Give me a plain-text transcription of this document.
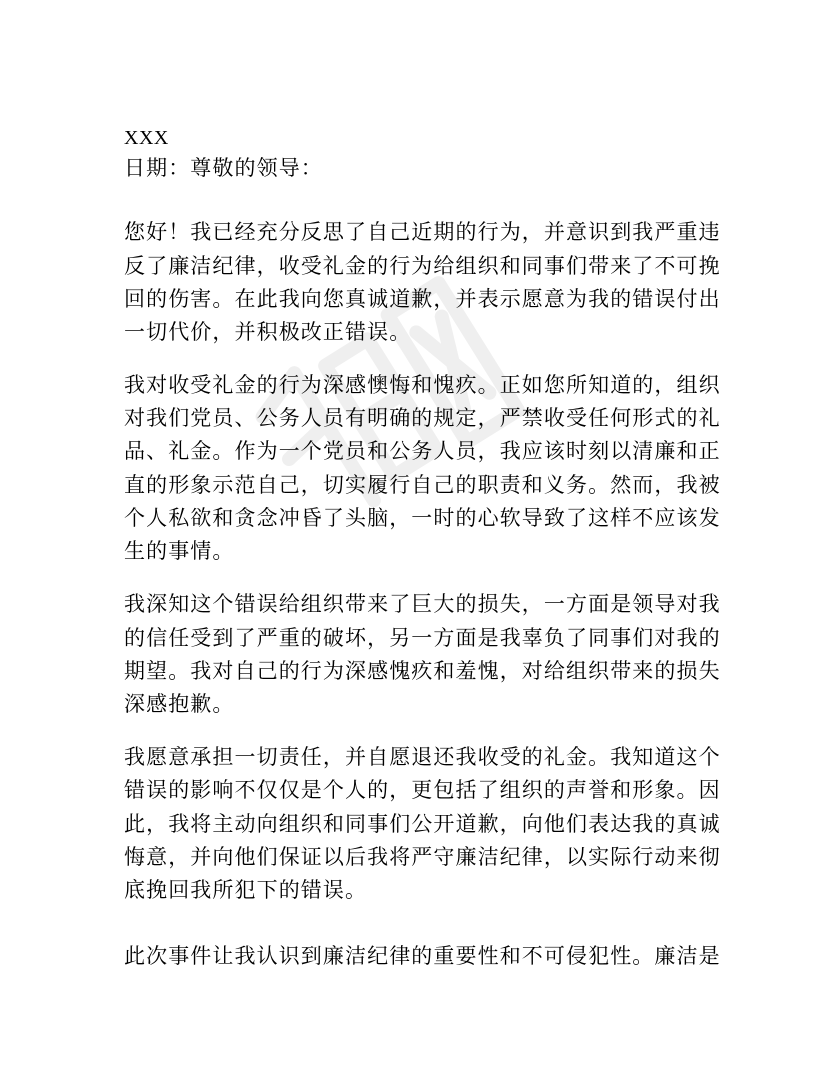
XXX
日期：尊敬的领导：
您好！我已经充分反思了自己近期的行为，并意识到我严重违
反了廉洁纪律，收受礼金的行为给组织和同事们带来了不可挽
回的伤害。在此我向您真诚道歉，并表示愿意为我的错误付出
一切代价，并积极改正错误。
我对收受礼金的行为深感懊悔和愧疚。正如您所知道的，组织
对我们党员、公务人员有明确的规定，严禁收受任何形式的礼
品、礼金。作为一个党员和公务人员，我应该时刻以清廉和正
直的形象示范自己，切实履行自己的职责和义务。然而，我被
个人私欲和贪念冲昏了头脑，一时的心软导致了这样不应该发
生的事情。
我深知这个错误给组织带来了巨大的损失，一方面是领导对我
的信任受到了严重的破坏，另一方面是我辜负了同事们对我的
期望。我对自己的行为深感愧疚和羞愧，对给组织带来的损失
深感抱歉。
我愿意承担一切责任，并自愿退还我收受的礼金。我知道这个
错误的影响不仅仅是个人的，更包括了组织的声誉和形象。因
此，我将主动向组织和同事们公开道歉，向他们表达我的真诚
悔意，并向他们保证以后我将严守廉洁纪律，以实际行动来彻
底挽回我所犯下的错误。
此次事件让我认识到廉洁纪律的重要性和不可侵犯性。廉洁是
